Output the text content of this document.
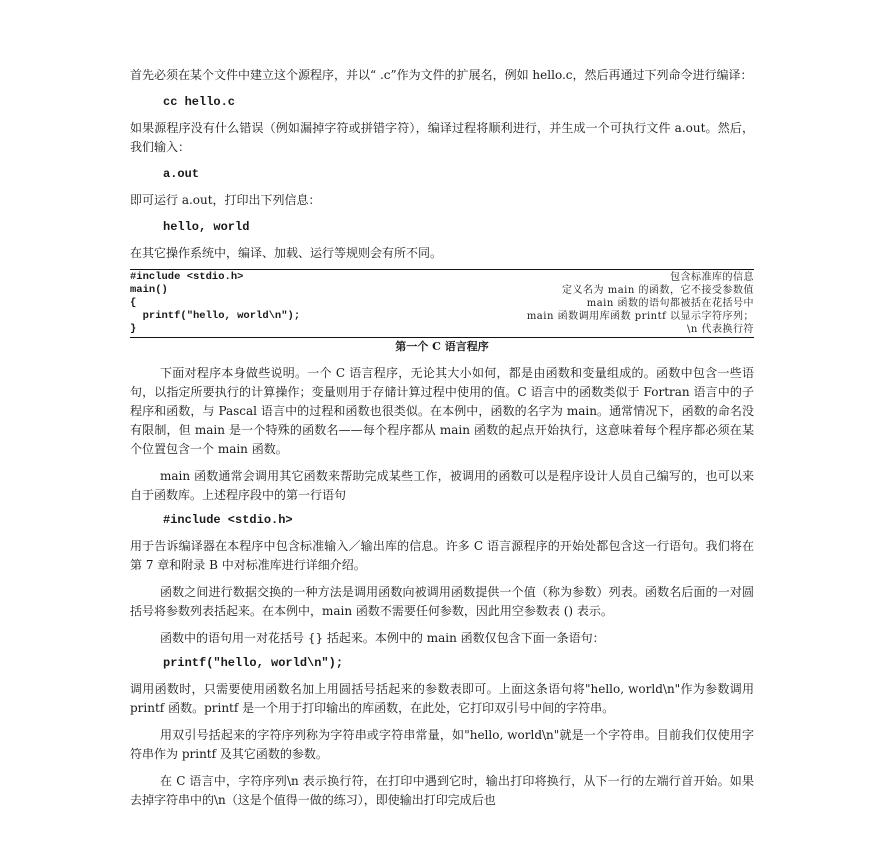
首先必须在某个文件中建立这个源程序，并以“ .c”作为文件的扩展名，例如 hello.c，然后再通过下列命令进行编译：

cc hello.c

如果源程序没有什么错误（例如漏掉字符或拼错字符），编译过程将顺利进行，并生成一个可执行文件 a.out。然后，我们输入：

a.out

即可运行 a.out，打印出下列信息：

hello, world

在其它操作系统中，编译、加载、运行等规则会有所不同。

#include <stdio.h>	包含标准库的信息
main()	定义名为 main 的函数，它不接受参数值
{	main 函数的语句都被括在花括号中
printf("hello, world\n");	main 函数调用库函数 printf 以显示字符序列；
}	\n 代表换行符
第一个 C 语言程序

下面对程序本身做些说明。一个 C 语言程序，无论其大小如何，都是由函数和变量组成的。函数中包含一些语句，以指定所要执行的计算操作；变量则用于存储计算过程中使用的值。C 语言中的函数类似于 Fortran 语言中的子程序和函数，与 Pascal 语言中的过程和函数也很类似。在本例中，函数的名字为 main。通常情况下，函数的命名没有限制，但 main 是一个特殊的函数名——每个程序都从 main 函数的起点开始执行，这意味着每个程序都必须在某个位置包含一个 main 函数。

main 函数通常会调用其它函数来帮助完成某些工作，被调用的函数可以是程序设计人员自己编写的，也可以来自于函数库。上述程序段中的第一行语句

#include <stdio.h>

用于告诉编译器在本程序中包含标准输入／输出库的信息。许多 C 语言源程序的开始处都包含这一行语句。我们将在第 7 章和附录 B 中对标准库进行详细介绍。

函数之间进行数据交换的一种方法是调用函数向被调用函数提供一个值（称为参数）列表。函数名后面的一对圆括号将参数列表括起来。在本例中，main 函数不需要任何参数，因此用空参数表 () 表示。

函数中的语句用一对花括号 {} 括起来。本例中的 main 函数仅包含下面一条语句：

printf("hello, world\n");

调用函数时，只需要使用函数名加上用圆括号括起来的参数表即可。上面这条语句将"hello, world\n"作为参数调用 printf 函数。printf 是一个用于打印输出的库函数，在此处，它打印双引号中间的字符串。

用双引号括起来的字符序列称为字符串或字符串常量，如"hello, world\n"就是一个字符串。目前我们仅使用字符串作为 printf 及其它函数的参数。

在 C 语言中，字符序列\n 表示换行符，在打印中遇到它时，输出打印将换行，从下一行的左端行首开始。如果去掉字符串中的\n（这是个值得一做的练习），即使输出打印完成后也
